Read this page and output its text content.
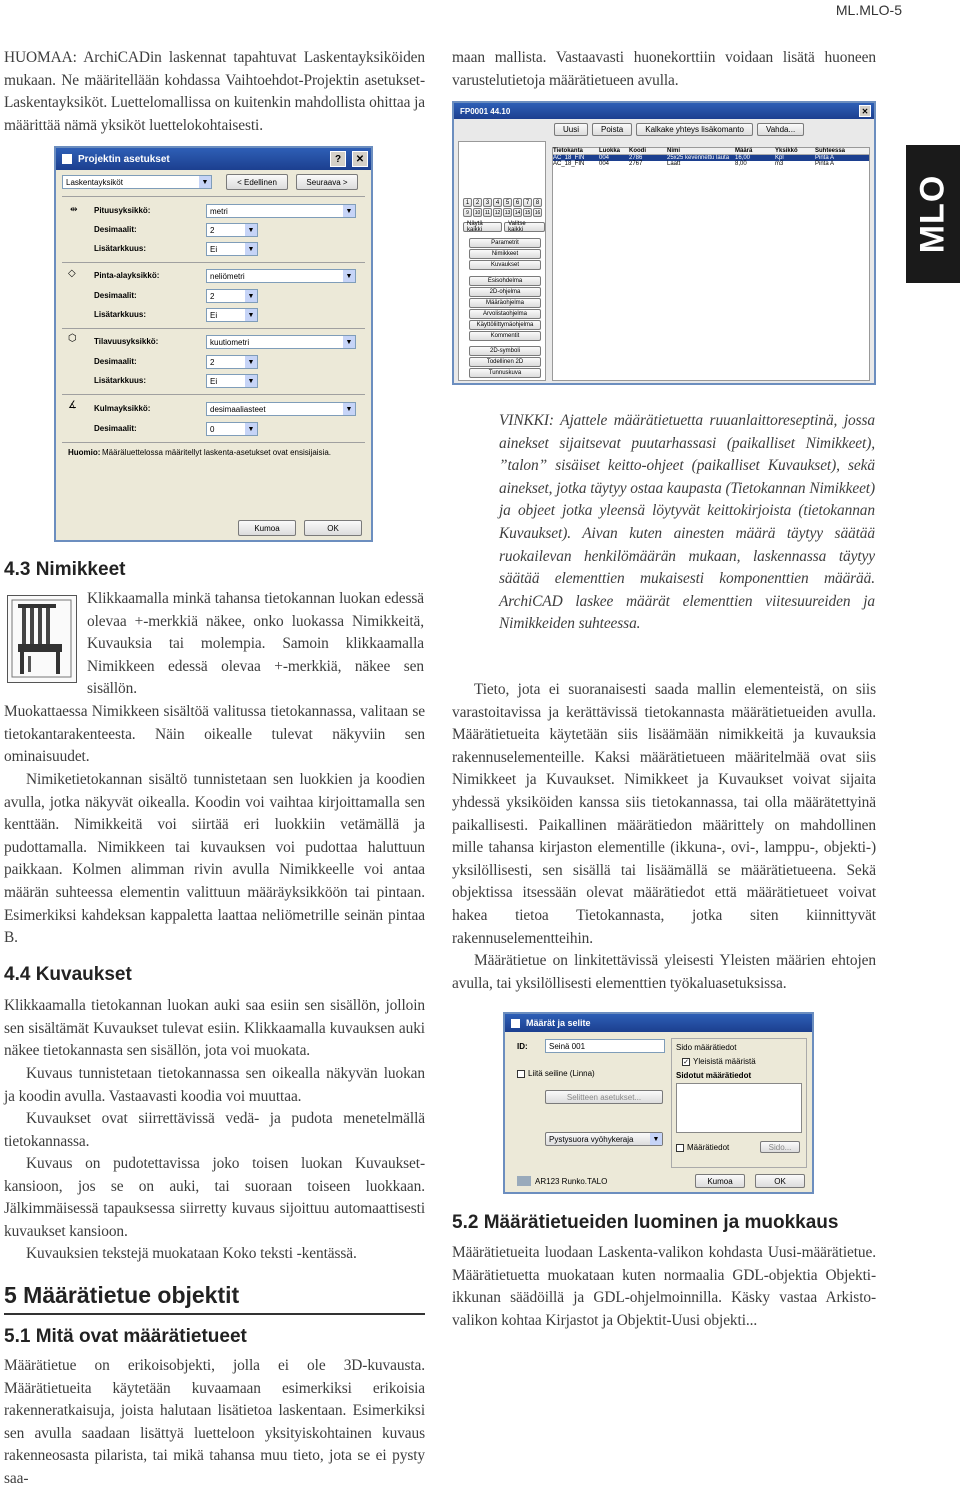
ML.MLO-5
MLO
HUOMAA: ArchiCADin laskennat tapahtuvat Laskentayksiköiden mukaan. Ne määritellään kohdassa Vaihtoehdot-Projektin asetukset-Laskentayksiköt. Luettelomallissa on kuitenkin mahdollista ohittaa ja määrittää nämä yksiköt luettelokohtaisesti.
Projektin asetukset	?	✕
Laskentayksiköt	▼	< Edellinen	Seuraava >
⇹ Pituusyksikkö:	metri	▼
Desimaalit:	2	▼
Lisätarkkuus:	Ei	▼
◇ Pinta-alayksikkö:	neliömetri	▼
Desimaalit:	2	▼
Lisätarkkuus:	Ei	▼
⬡ Tilavuusyksikkö:	kuutiometri	▼
Desimaalit:	2	▼
Lisätarkkuus:	Ei	▼
∡ Kulmayksikkö:	desimaaliasteet	▼
Desimaalit:	0	▼
Huomio: Määräluettelossa määritellyt laskenta-asetukset ovat ensisijaisia.
Kumoa	OK
4.3 Nimikkeet
Klikkaamalla minkä tahansa tietokannan luokan edessä olevaa +-merkkiä näkee, onko luokassa Nimikkeitä, Kuvauksia tai molempia. Samoin klikkaamalla Nimikkeen edessä olevaa +-merkkiä, näkee sen sisällön.
Muokattaessa Nimikkeen sisältöä valitussa tietokannassa, valitaan se tietokantarakenteesta. Näin oikealle tulevat näkyviin sen ominaisuudet.
Nimiketietokannan sisältö tunnistetaan sen luokkien ja koodien avulla, jotka näkyvät oikealla. Koodin voi vaihtaa kirjoittamalla sen kenttään. Nimikkeitä voi siirtää eri luokkiin vetämällä ja pudottamalla. Nimikkeen tai kuvauksen voi pudottaa haluttuun paikkaan. Kolmen alimman rivin avulla Nimikkeelle voi antaa määrän suhteessa elementin valittuun määräyksikköön tai pintaan. Esimerkiksi kahdeksan kappaletta laattaa neliömetrille seinän pintaa B.
4.4 Kuvaukset
Klikkaamalla tietokannan luokan auki saa esiin sen sisällön, jolloin sen sisältämät Kuvaukset tulevat esiin. Klikkaamalla kuvauksen auki näkee tietokannasta sen sisällön, jota voi muokata.
Kuvaus tunnistetaan tietokannassa sen oikealla näkyvän luokan ja koodin avulla. Vastaavasti koodia voi muuttaa.
Kuvaukset ovat siirrettävissä vedä- ja pudota menetelmällä tietokannassa.
Kuvaus on pudotettavissa joko toisen luokan Kuvaukset-kansioon, jos se on auki, tai suoraan toiseen luokkaan. Jälkimmäisessä tapauksessa siirretty kuvaus sijoittuu automaattisesti kuvaukset kansioon.
Kuvauksien tekstejä muokataan Koko teksti -kentässä.
5 Määrätietue objektit
5.1 Mitä ovat määrätietueet
Määrätietue on erikoisobjekti, jolla ei ole 3D-kuvausta. Määrätietueita käytetään kuvaamaan esimerkiksi erikoisia rakenneratkaisuja, joista halutaan lisätietoa laskentaan. Esimerkiksi sen avulla saadaan lisättyä luetteloon yksityiskohtainen kuvaus rakenneosasta pilarista, tai mikä tahansa muu tieto, jota se ei pysty saa-
maan mallista. Vastaavasti huonekorttiin voidaan lisätä huoneen varustelutietoja määrätietueen avulla.
FP0001 44.10	✕
Uusi	Poista	Kalkake yhteys lisäkomanto	Vahda...
1	2	3	4	5	6	7	8
9	10 11 12 13 14 15 16
Näytä kaikki
Valitse kaikki
Parametrit
Nimikkeet
Kuvaukset
Esisohdelma
2D-ohjelma
Määräohjelma
Arvolistaohjelma
Käyttöliittymäohjelma
Kommentit
2D-symboli
Todellinen 2D
Tunnuskuva
Tietokanta	Luokka	Koodi	Nimi	Määrä	Yksikkö	Suhteessa
AC_18_FIN	004	2786	25x25 kevennettu lauta 16,00	Kpl	Pinta A
AC_18_FIN	004	2767	Laatt	8,00	m3	Pinta A
VINKKI: Ajattele määrätietuetta ruuanlaittoreseptinä, jossa ainekset sijaitsevat puutarhassasi (paikalliset Nimikkeet), ”talon” sisäiset keitto-ohjeet (paikalliset Kuvaukset), sekä ainekset, jotka täytyy ostaa kaupasta (Tietokannan Nimikkeet) ja objeet jotka yleensä löytyvät keittokirjoista (tietokannan Kuvaukset). Aivan kuten ainesten määrä täytyy säätää ruokailevan henkilömäärän mukaan, laskennassa täytyy säätää elementtien mukaisesti komponenttien määrää. ArchiCAD laskee määrät elementtien viitesuureiden ja Nimikkeiden suhteessa.
Tieto, jota ei suoranaisesti saada mallin elementeistä, on siis varastoitavissa ja kerättävissä tietokannasta määrätietueiden avulla. Määrätietueita käytetään siis lisäämään nimikkeitä ja kuvauksia rakennuselementeille. Kaksi määrätietueen määritelmää ovat siis Nimikkeet ja Kuvaukset. Nimikkeet ja Kuvaukset voivat sijaita yhdessä yksiköiden kanssa siis tietokannassa, tai olla määrätettyinä paikallisesti. Paikallinen määrätiedon määrittely on mahdollinen mille tahansa kirjaston elementille (ikkuna-, ovi-, lamppu-, objekti-) yksilöllisesti, sen sisällä tai lisäämällä se määrätietueena. Sekä objektissa itsessään olevat määrätiedot että määrätietueet voivat hakea tietoa Tietokannasta, jotka siten kiinnittyvät rakennuselementteihin.
Määrätietue on linkitettävissä yleisesti Yleisten määrien ehtojen avulla, tai yksilöllisesti elementtien työkaluasetuksissa.
Määrät ja selite
ID:	Seinä 001
Liitä seiline (Linna)
Selitteen asetukset...
Pystysuora vyöhykeraja	▼
Sido määrätiedot
✓ Yleisistä määristä
Sidotut määrätiedot
Määrätiedot	Sido...
AR123 Runko.TALO	Kumoa	OK
5.2 Määrätietueiden luominen ja muokkaus
Määrätietueita luodaan Laskenta-valikon kohdasta Uusi-määrätietue. Määrätietuetta muokataan kuten normaalia GDL-objektia Objekti-ikkunan säädöillä ja GDL-ohjelmoinnilla. Käsky vastaa Arkisto-valikon kohtaa Kirjastot ja Objektit-Uusi objekti...
